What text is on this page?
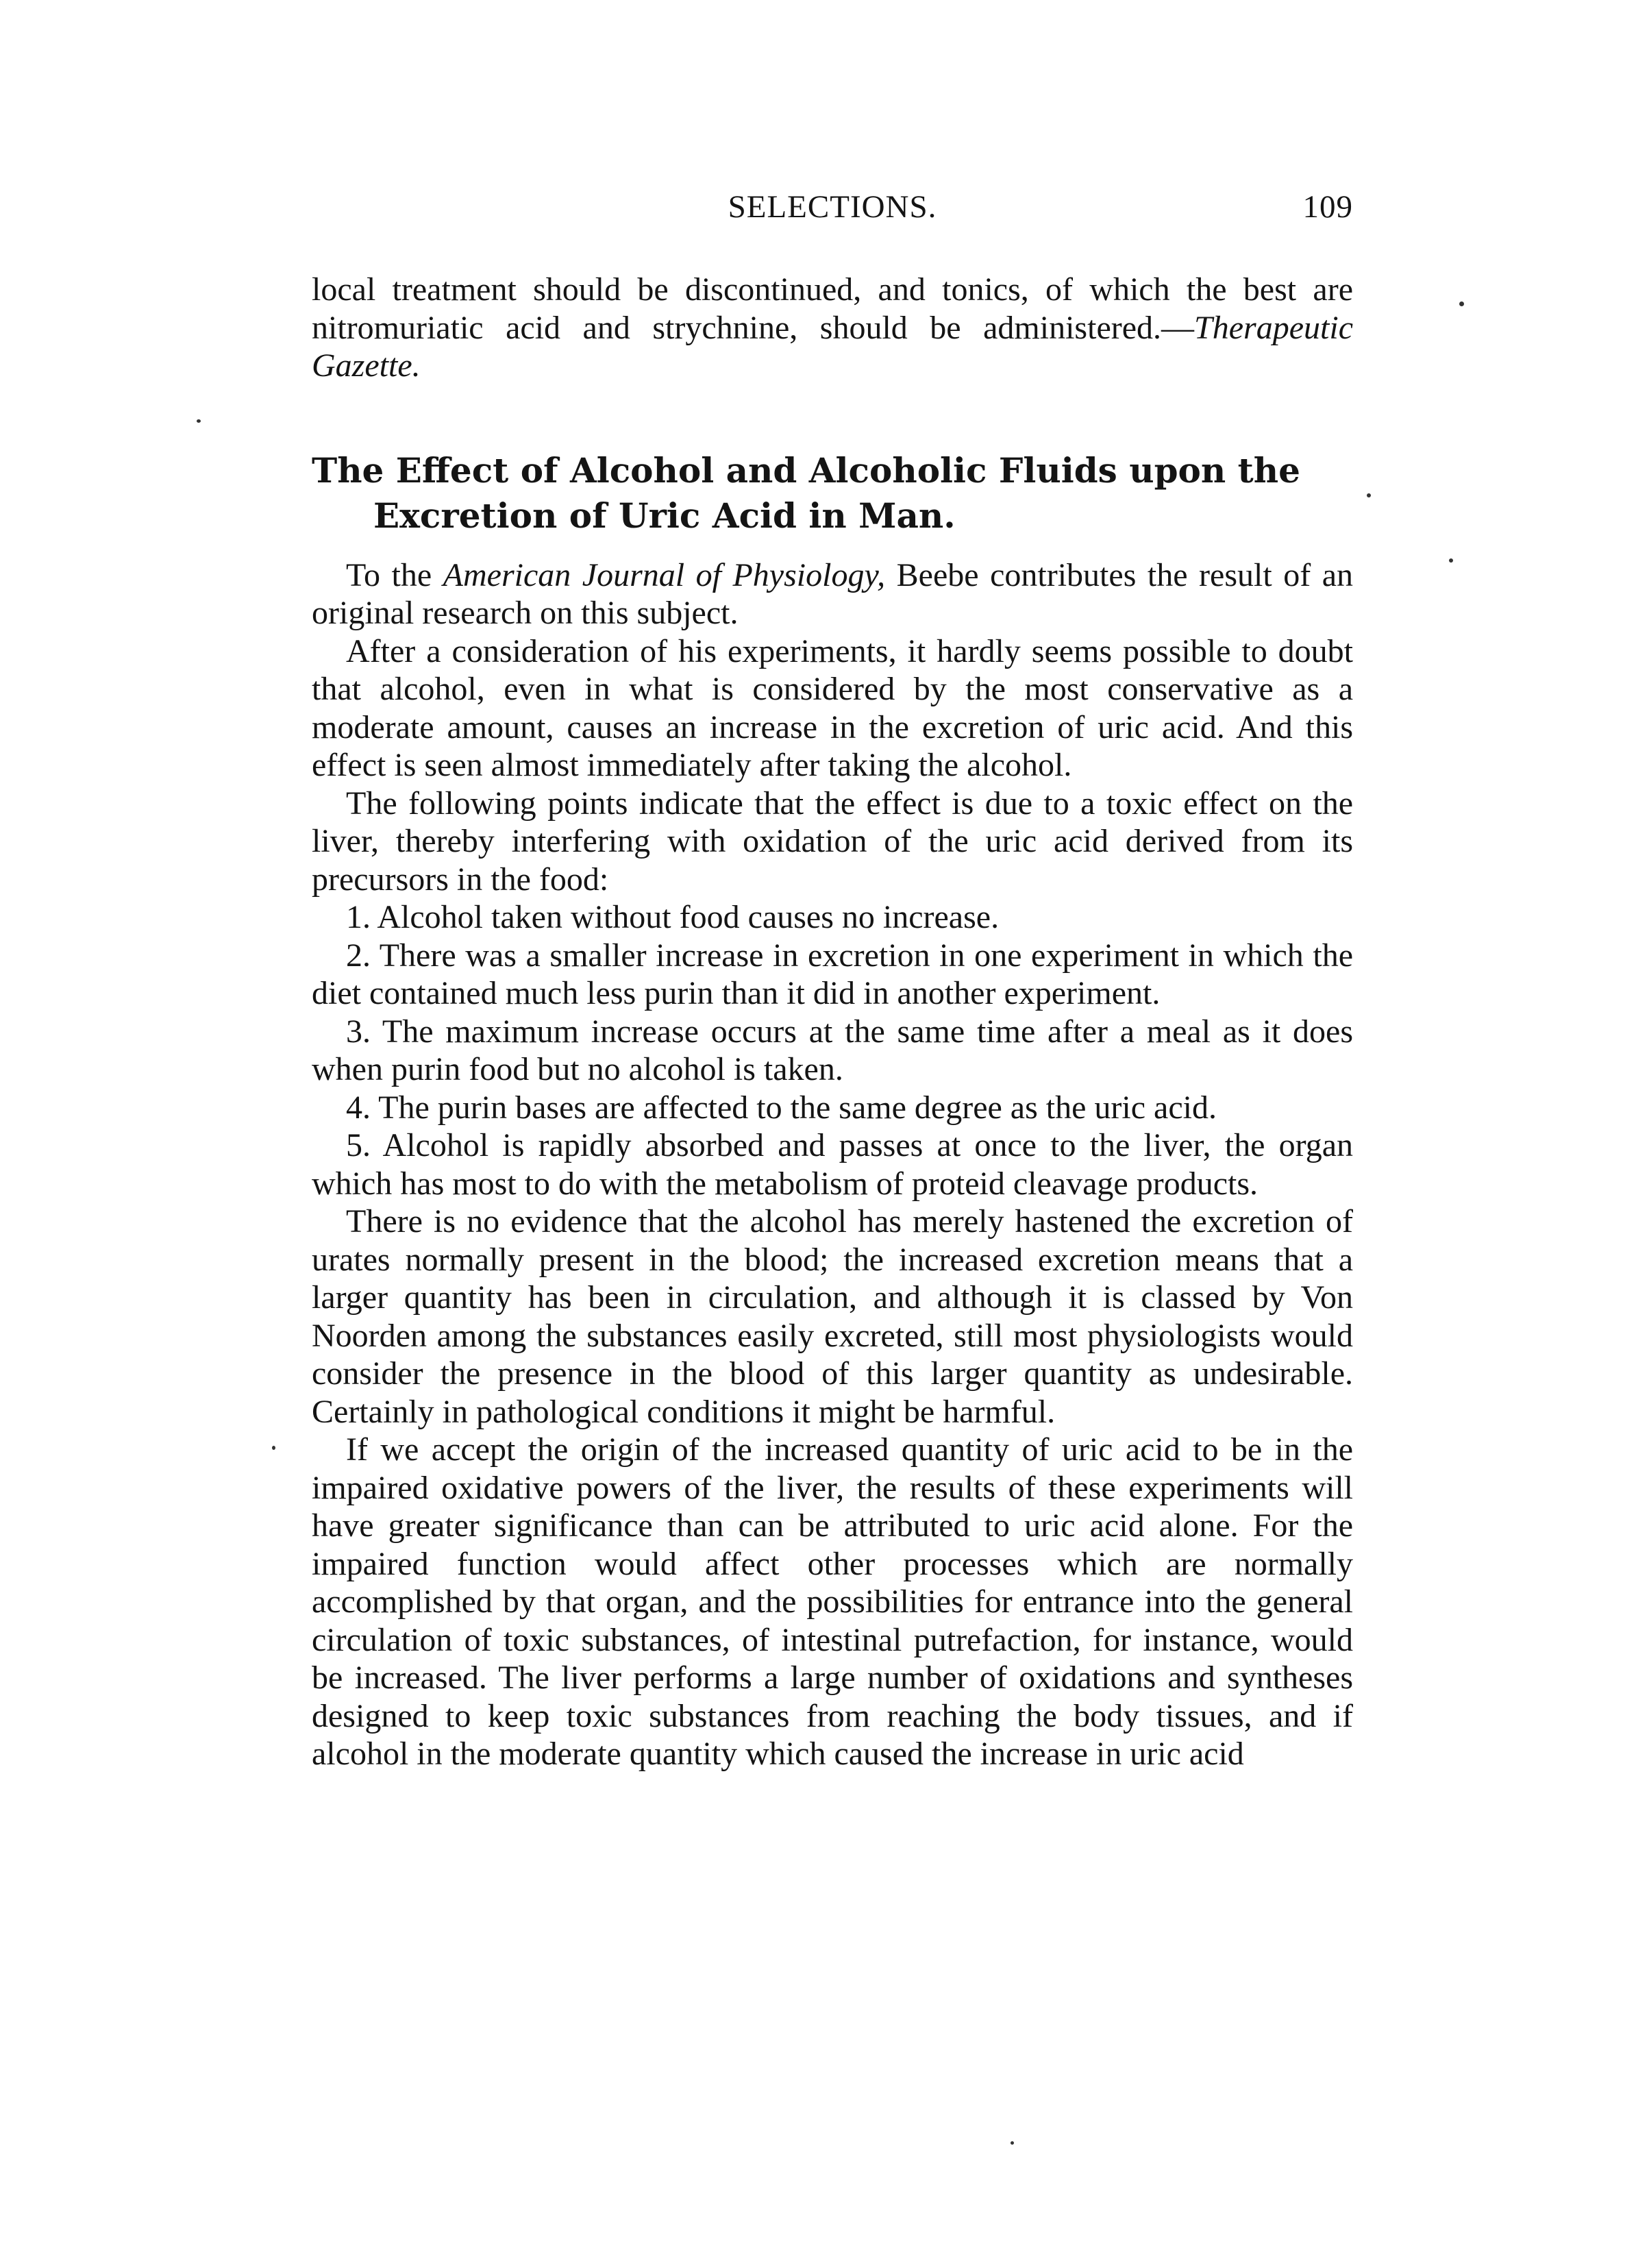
SELECTIONS.	109

local treatment should be discontinued, and tonics, of which the best are nitromuriatic acid and strychnine, should be administered.—Therapeutic Gazette.

The Effect of Alcohol and Alcoholic Fluids upon the Excretion of Uric Acid in Man.

To the American Journal of Physiology, Beebe contributes the result of an original research on this subject.

After a consideration of his experiments, it hardly seems possible to doubt that alcohol, even in what is considered by the most conservative as a moderate amount, causes an increase in the excretion of uric acid. And this effect is seen almost immediately after taking the alcohol.

The following points indicate that the effect is due to a toxic effect on the liver, thereby interfering with oxidation of the uric acid derived from its precursors in the food:

1. Alcohol taken without food causes no increase.

2. There was a smaller increase in excretion in one experiment in which the diet contained much less purin than it did in another experiment.

3. The maximum increase occurs at the same time after a meal as it does when purin food but no alcohol is taken.

4. The purin bases are affected to the same degree as the uric acid.

5. Alcohol is rapidly absorbed and passes at once to the liver, the organ which has most to do with the metabolism of proteid cleavage products.

There is no evidence that the alcohol has merely hastened the excretion of urates normally present in the blood; the increased excretion means that a larger quantity has been in circulation, and although it is classed by Von Noorden among the substances easily excreted, still most physiologists would consider the presence in the blood of this larger quantity as undesirable. Certainly in pathological conditions it might be harmful.

If we accept the origin of the increased quantity of uric acid to be in the impaired oxidative powers of the liver, the results of these experiments will have greater significance than can be attributed to uric acid alone. For the impaired function would affect other processes which are normally accomplished by that organ, and the possibilities for entrance into the general circulation of toxic substances, of intestinal putrefaction, for instance, would be increased. The liver performs a large number of oxidations and syntheses designed to keep toxic substances from reaching the body tissues, and if alcohol in the moderate quantity which caused the increase in uric acid
